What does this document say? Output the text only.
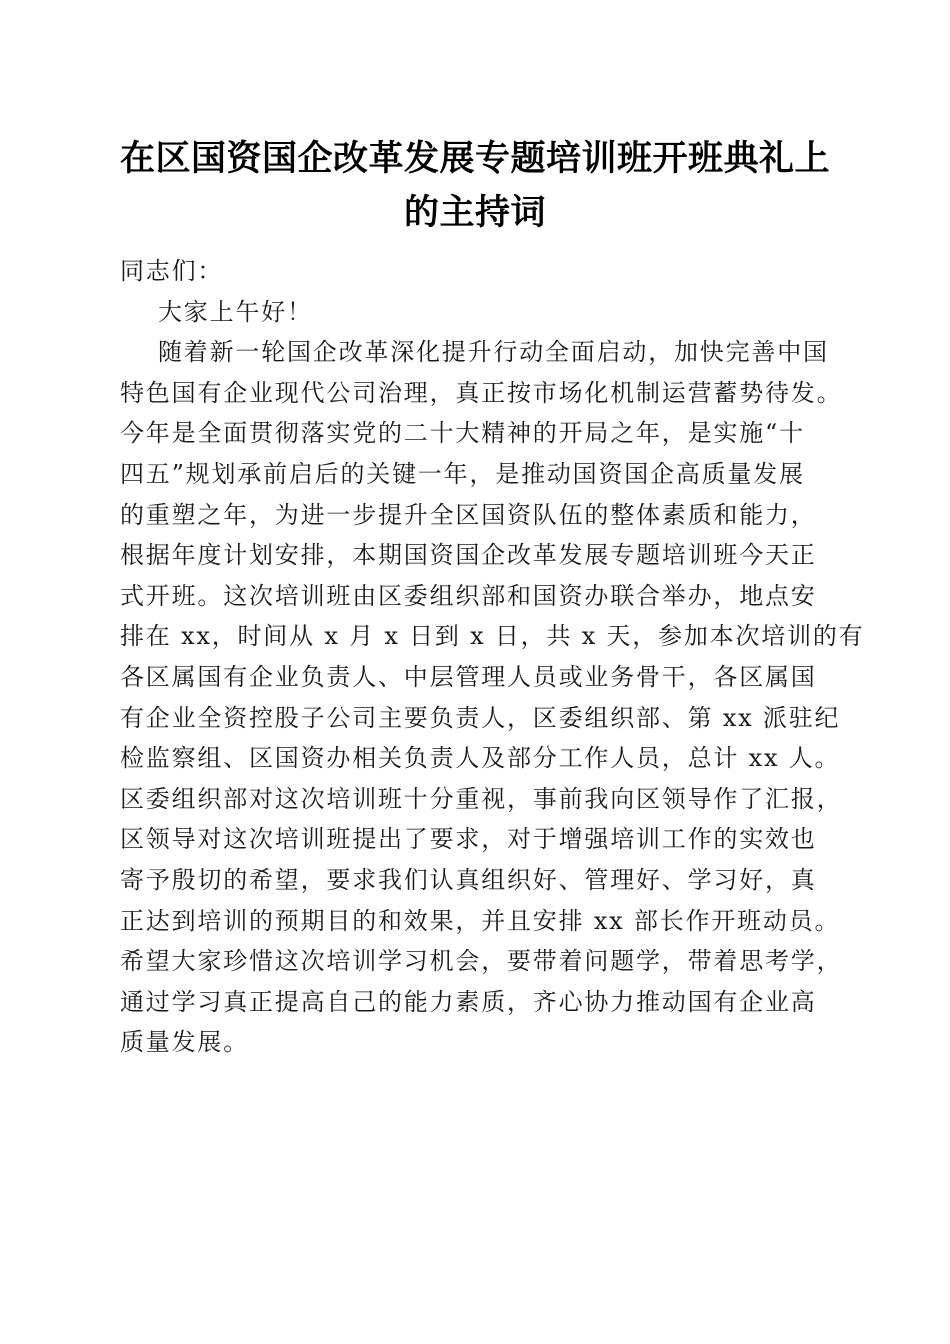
在区国资国企改革发展专题培训班开班典礼上
的主持词
同志们：
大家上午好！
随着新一轮国企改革深化提升行动全面启动，加快完善中国
特色国有企业现代公司治理，真正按市场化机制运营蓄势待发。
今年是全面贯彻落实党的二十大精神的开局之年，是实施“十
四五”规划承前启后的关键一年，是推动国资国企高质量发展
的重塑之年，为进一步提升全区国资队伍的整体素质和能力，
根据年度计划安排，本期国资国企改革发展专题培训班今天正
式开班。这次培训班由区委组织部和国资办联合举办，地点安
排在 xx，时间从 x 月 x 日到 x 日，共 x 天，参加本次培训的有
各区属国有企业负责人、中层管理人员或业务骨干，各区属国
有企业全资控股子公司主要负责人，区委组织部、第 xx 派驻纪
检监察组、区国资办相关负责人及部分工作人员，总计 xx 人。
区委组织部对这次培训班十分重视，事前我向区领导作了汇报，
区领导对这次培训班提出了要求，对于增强培训工作的实效也
寄予殷切的希望，要求我们认真组织好、管理好、学习好，真
正达到培训的预期目的和效果，并且安排 xx 部长作开班动员。
希望大家珍惜这次培训学习机会，要带着问题学，带着思考学，
通过学习真正提高自己的能力素质，齐心协力推动国有企业高
质量发展。
